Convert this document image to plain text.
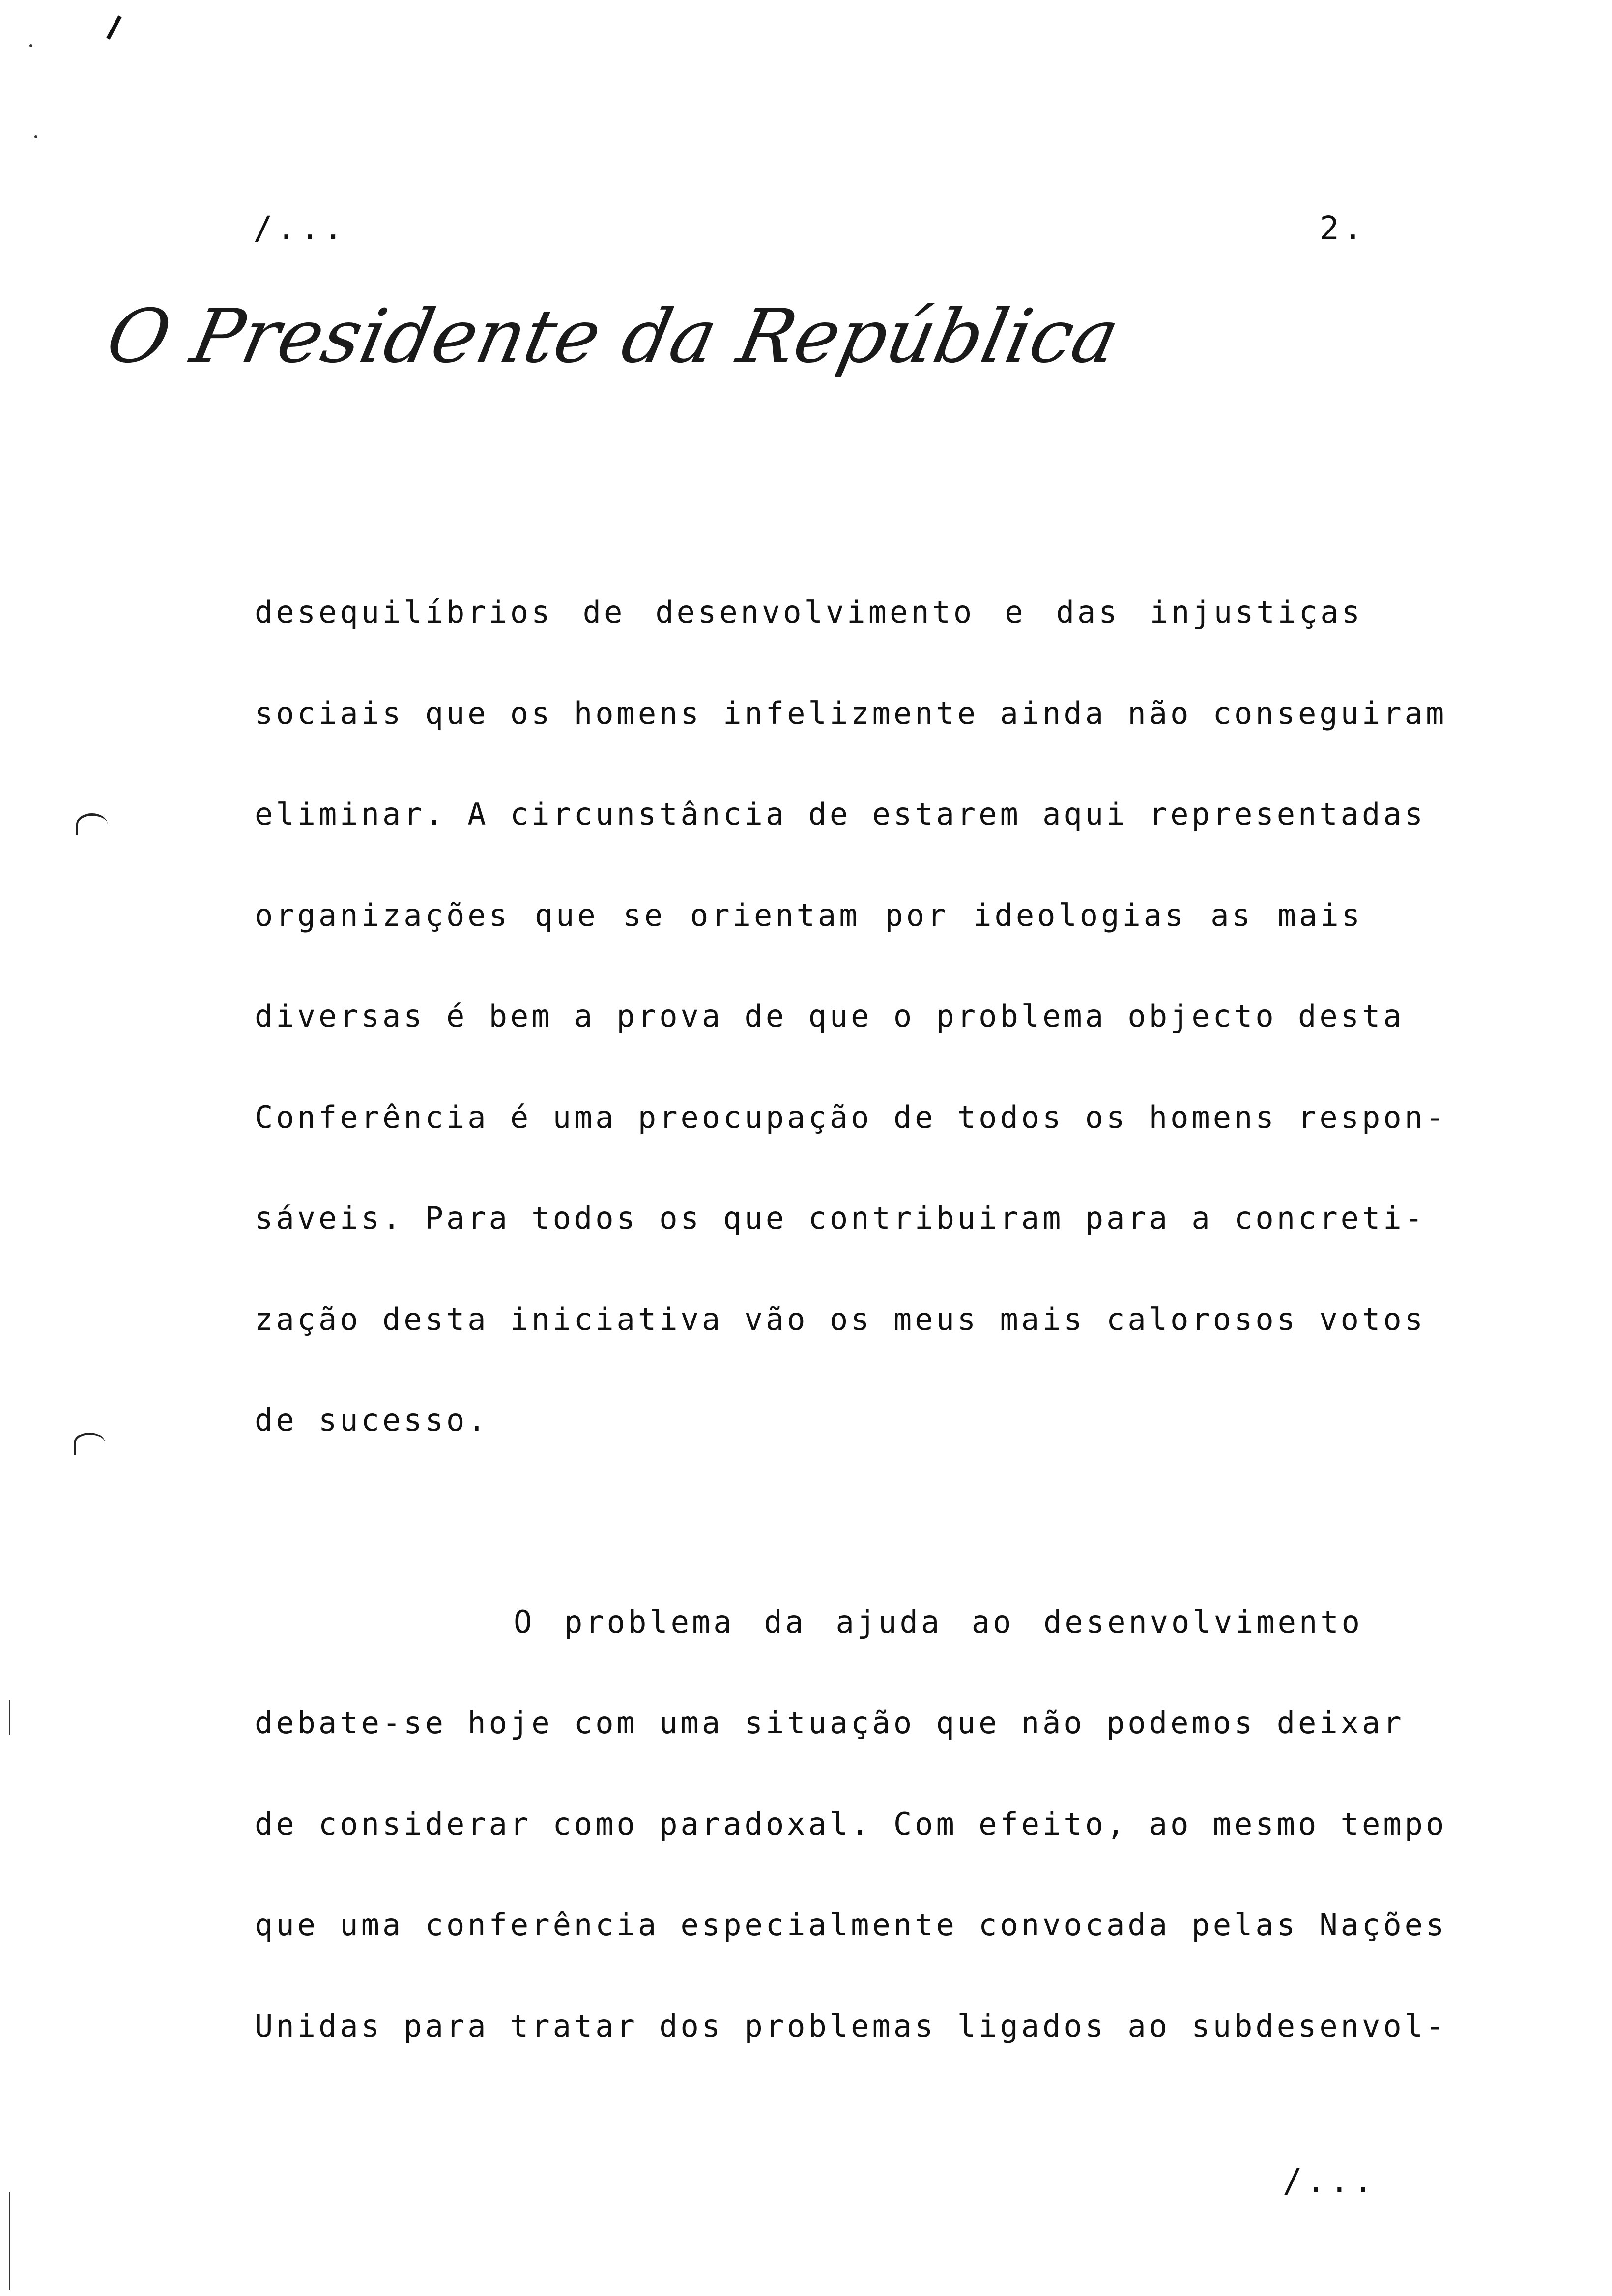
/...	2.
O Presidente da República
desequilíbrios de desenvolvimento e das injustiças
sociais que os homens infelizmente ainda não conseguiram
eliminar. A circunstância de estarem aqui representadas
organizações que se orientam por ideologias as mais
diversas é bem a prova de que o problema objecto desta
Conferência é uma preocupação de todos os homens respon-
sáveis. Para todos os que contribuiram para a concreti-
zação desta iniciativa vão os meus mais calorosos votos
de sucesso.
O problema da ajuda ao desenvolvimento
debate-se hoje com uma situação que não podemos deixar
de considerar como paradoxal. Com efeito, ao mesmo tempo
que uma conferência especialmente convocada pelas Nações
Unidas para tratar dos problemas ligados ao subdesenvol-
/...
